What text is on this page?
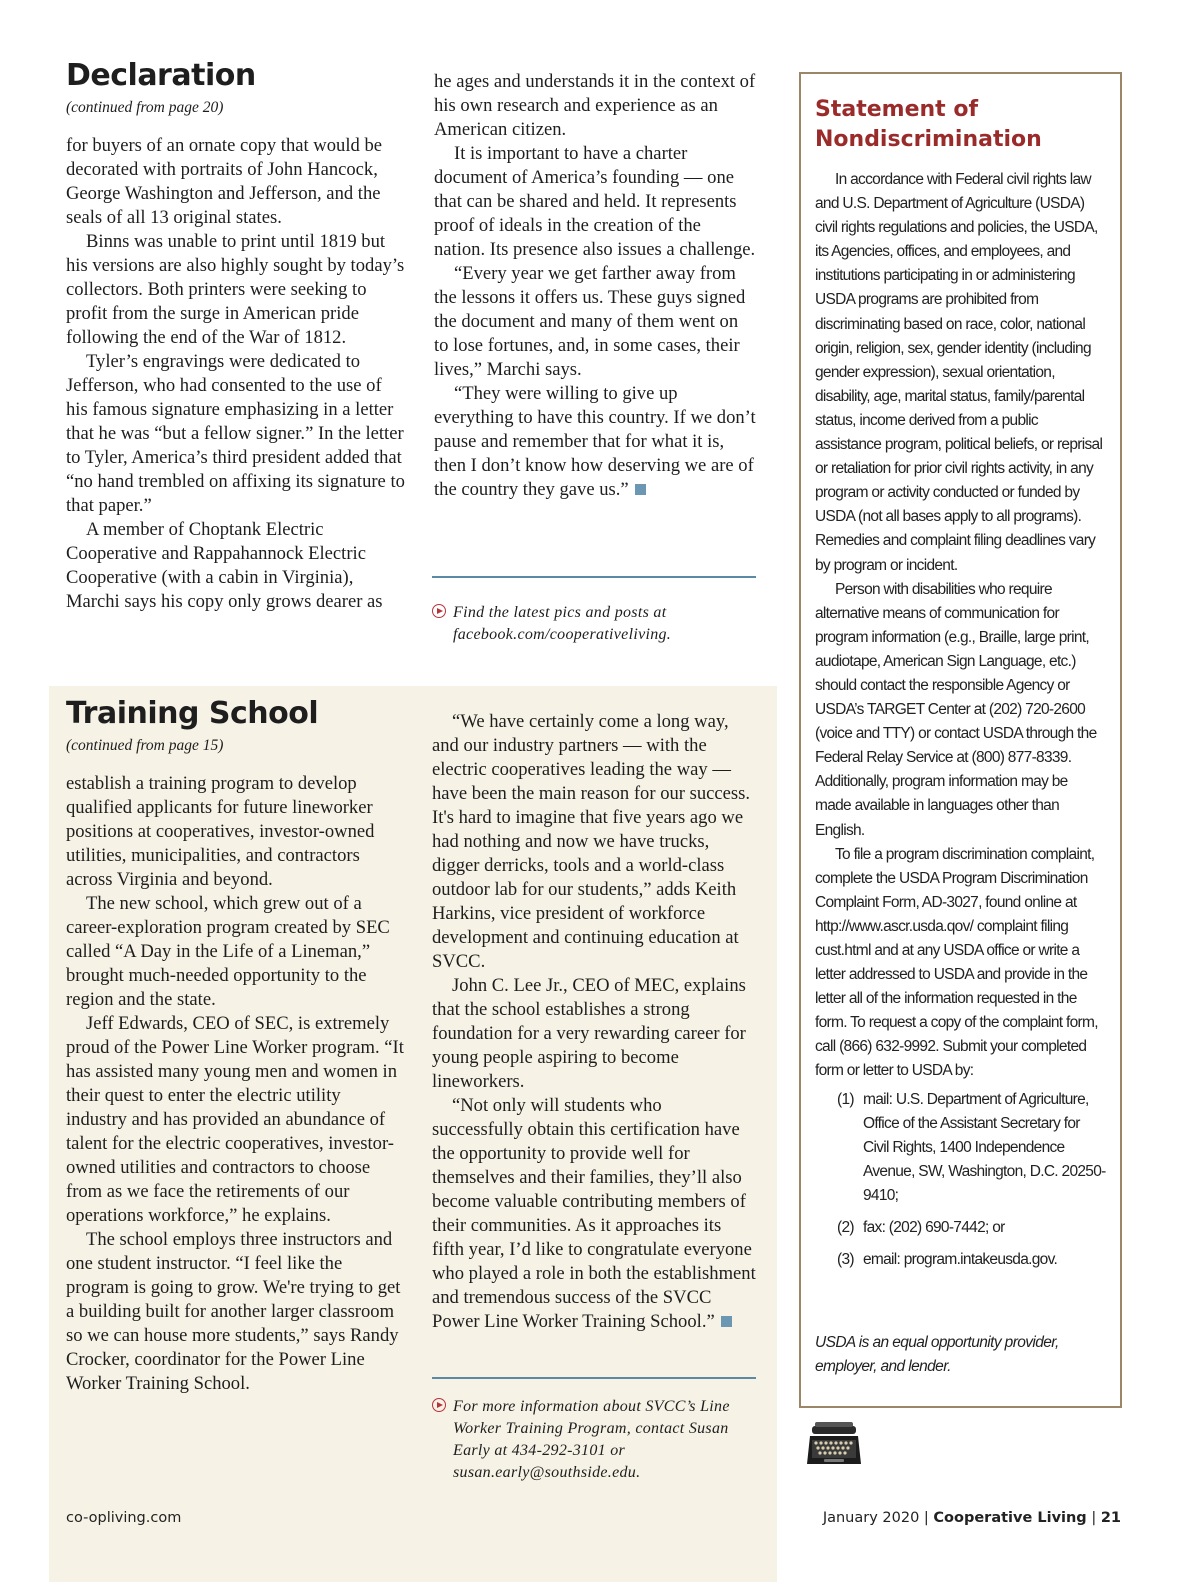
Declaration
(continued from page 20)

for buyers of an ornate copy that would be decorated with portraits of John Hancock, George Washington and Jefferson, and the seals of all 13 original states.

Binns was unable to print until 1819 but his versions are also highly sought by today’s collectors. Both printers were seeking to profit from the surge in American pride following the end of the War of 1812.

Tyler’s engravings were dedicated to Jefferson, who had consented to the use of his famous signature emphasizing in a letter that he was “but a fellow signer.” In the letter to Tyler, America’s third president added that “no hand trembled on affixing its signature to that paper.”

A member of Choptank Electric Cooperative and Rappahannock Electric Cooperative (with a cabin in Virginia), Marchi says his copy only grows dearer as

he ages and understands it in the context of his own research and experience as an American citizen.

It is important to have a charter document of America’s founding — one that can be shared and held. It represents proof of ideals in the creation of the nation. Its presence also issues a challenge.

“Every year we get farther away from the lessons it offers us. These guys signed the document and many of them went on to lose fortunes, and, in some cases, their lives,” Marchi says.

“They were willing to give up everything to have this country. If we don’t pause and remember that for what it is, then I don’t know how deserving we are of the country they gave us.”

Find the latest pics and posts at facebook.com/cooperativeliving.
Training School
(continued from page 15)

establish a training program to develop qualified applicants for future lineworker positions at cooperatives, investor-owned utilities, municipalities, and contractors across Virginia and beyond.

The new school, which grew out of a career-exploration program created by SEC called “A Day in the Life of a Lineman,” brought much-needed opportunity to the region and the state.

Jeff Edwards, CEO of SEC, is extremely proud of the Power Line Worker program. “It has assisted many young men and women in their quest to enter the electric utility industry and has provided an abundance of talent for the electric cooperatives, investor-owned utilities and contractors to choose from as we face the retirements of our operations workforce,” he explains.

The school employs three instructors and one student instructor. “I feel like the program is going to grow. We're trying to get a building built for another larger classroom so we can house more students,” says Randy Crocker, coordinator for the Power Line Worker Training School.

“We have certainly come a long way, and our industry partners — with the electric cooperatives leading the way — have been the main reason for our success. It's hard to imagine that five years ago we had nothing and now we have trucks, digger derricks, tools and a world-class outdoor lab for our students,” adds Keith Harkins, vice president of workforce development and continuing education at SVCC.

John C. Lee Jr., CEO of MEC, explains that the school establishes a strong foundation for a very rewarding career for young people aspiring to become lineworkers.

“Not only will students who successfully obtain this certification have the opportunity to provide well for themselves and their families, they’ll also become valuable contributing members of their communities. As it approaches its fifth year, I’d like to congratulate everyone who played a role in both the establishment and tremendous success of the SVCC Power Line Worker Training School.”

For more information about SVCC’s Line Worker Training Program, contact Susan Early at 434-292-3101 or susan.early@southside.edu.
Statement of Nondiscrimination

In accordance with Federal civil rights law and U.S. Department of Agriculture (USDA) civil rights regulations and policies, the USDA, its Agencies, offices, and employees, and institutions participating in or administering USDA programs are prohibited from discriminating based on race, color, national origin, religion, sex, gender identity (including gender expression), sexual orientation, disability, age, marital status, family/parental status, income derived from a public assistance program, political beliefs, or reprisal or retaliation for prior civil rights activity, in any program or activity conducted or funded by USDA (not all bases apply to all programs). Remedies and complaint filing deadlines vary by program or incident.

Person with disabilities who require alternative means of communication for program information (e.g., Braille, large print, audiotape, American Sign Language, etc.) should contact the responsible Agency or USDA’s TARGET Center at (202) 720-2600 (voice and TTY) or contact USDA through the Federal Relay Service at (800) 877-8339. Additionally, program information may be made available in languages other than English.

To file a program discrimination complaint, complete the USDA Program Discrimination Complaint Form, AD-3027, found online at http://www.ascr.usda.qov/ complaint filing cust.html and at any USDA office or write a letter addressed to USDA and provide in the letter all of the information requested in the form. To request a copy of the complaint form, call (866) 632-9992. Submit your completed form or letter to USDA by:

(1) mail: U.S. Department of Agriculture, Office of the Assistant Secretary for Civil Rights, 1400 Independence Avenue, SW, Washington, D.C. 20250-9410;
(2) fax: (202) 690-7442; or
(3) email: program.intakeusda.gov.
USDA is an equal opportunity provider, employer, and lender.
co-opliving.com	January 2020 | Cooperative Living | 21
